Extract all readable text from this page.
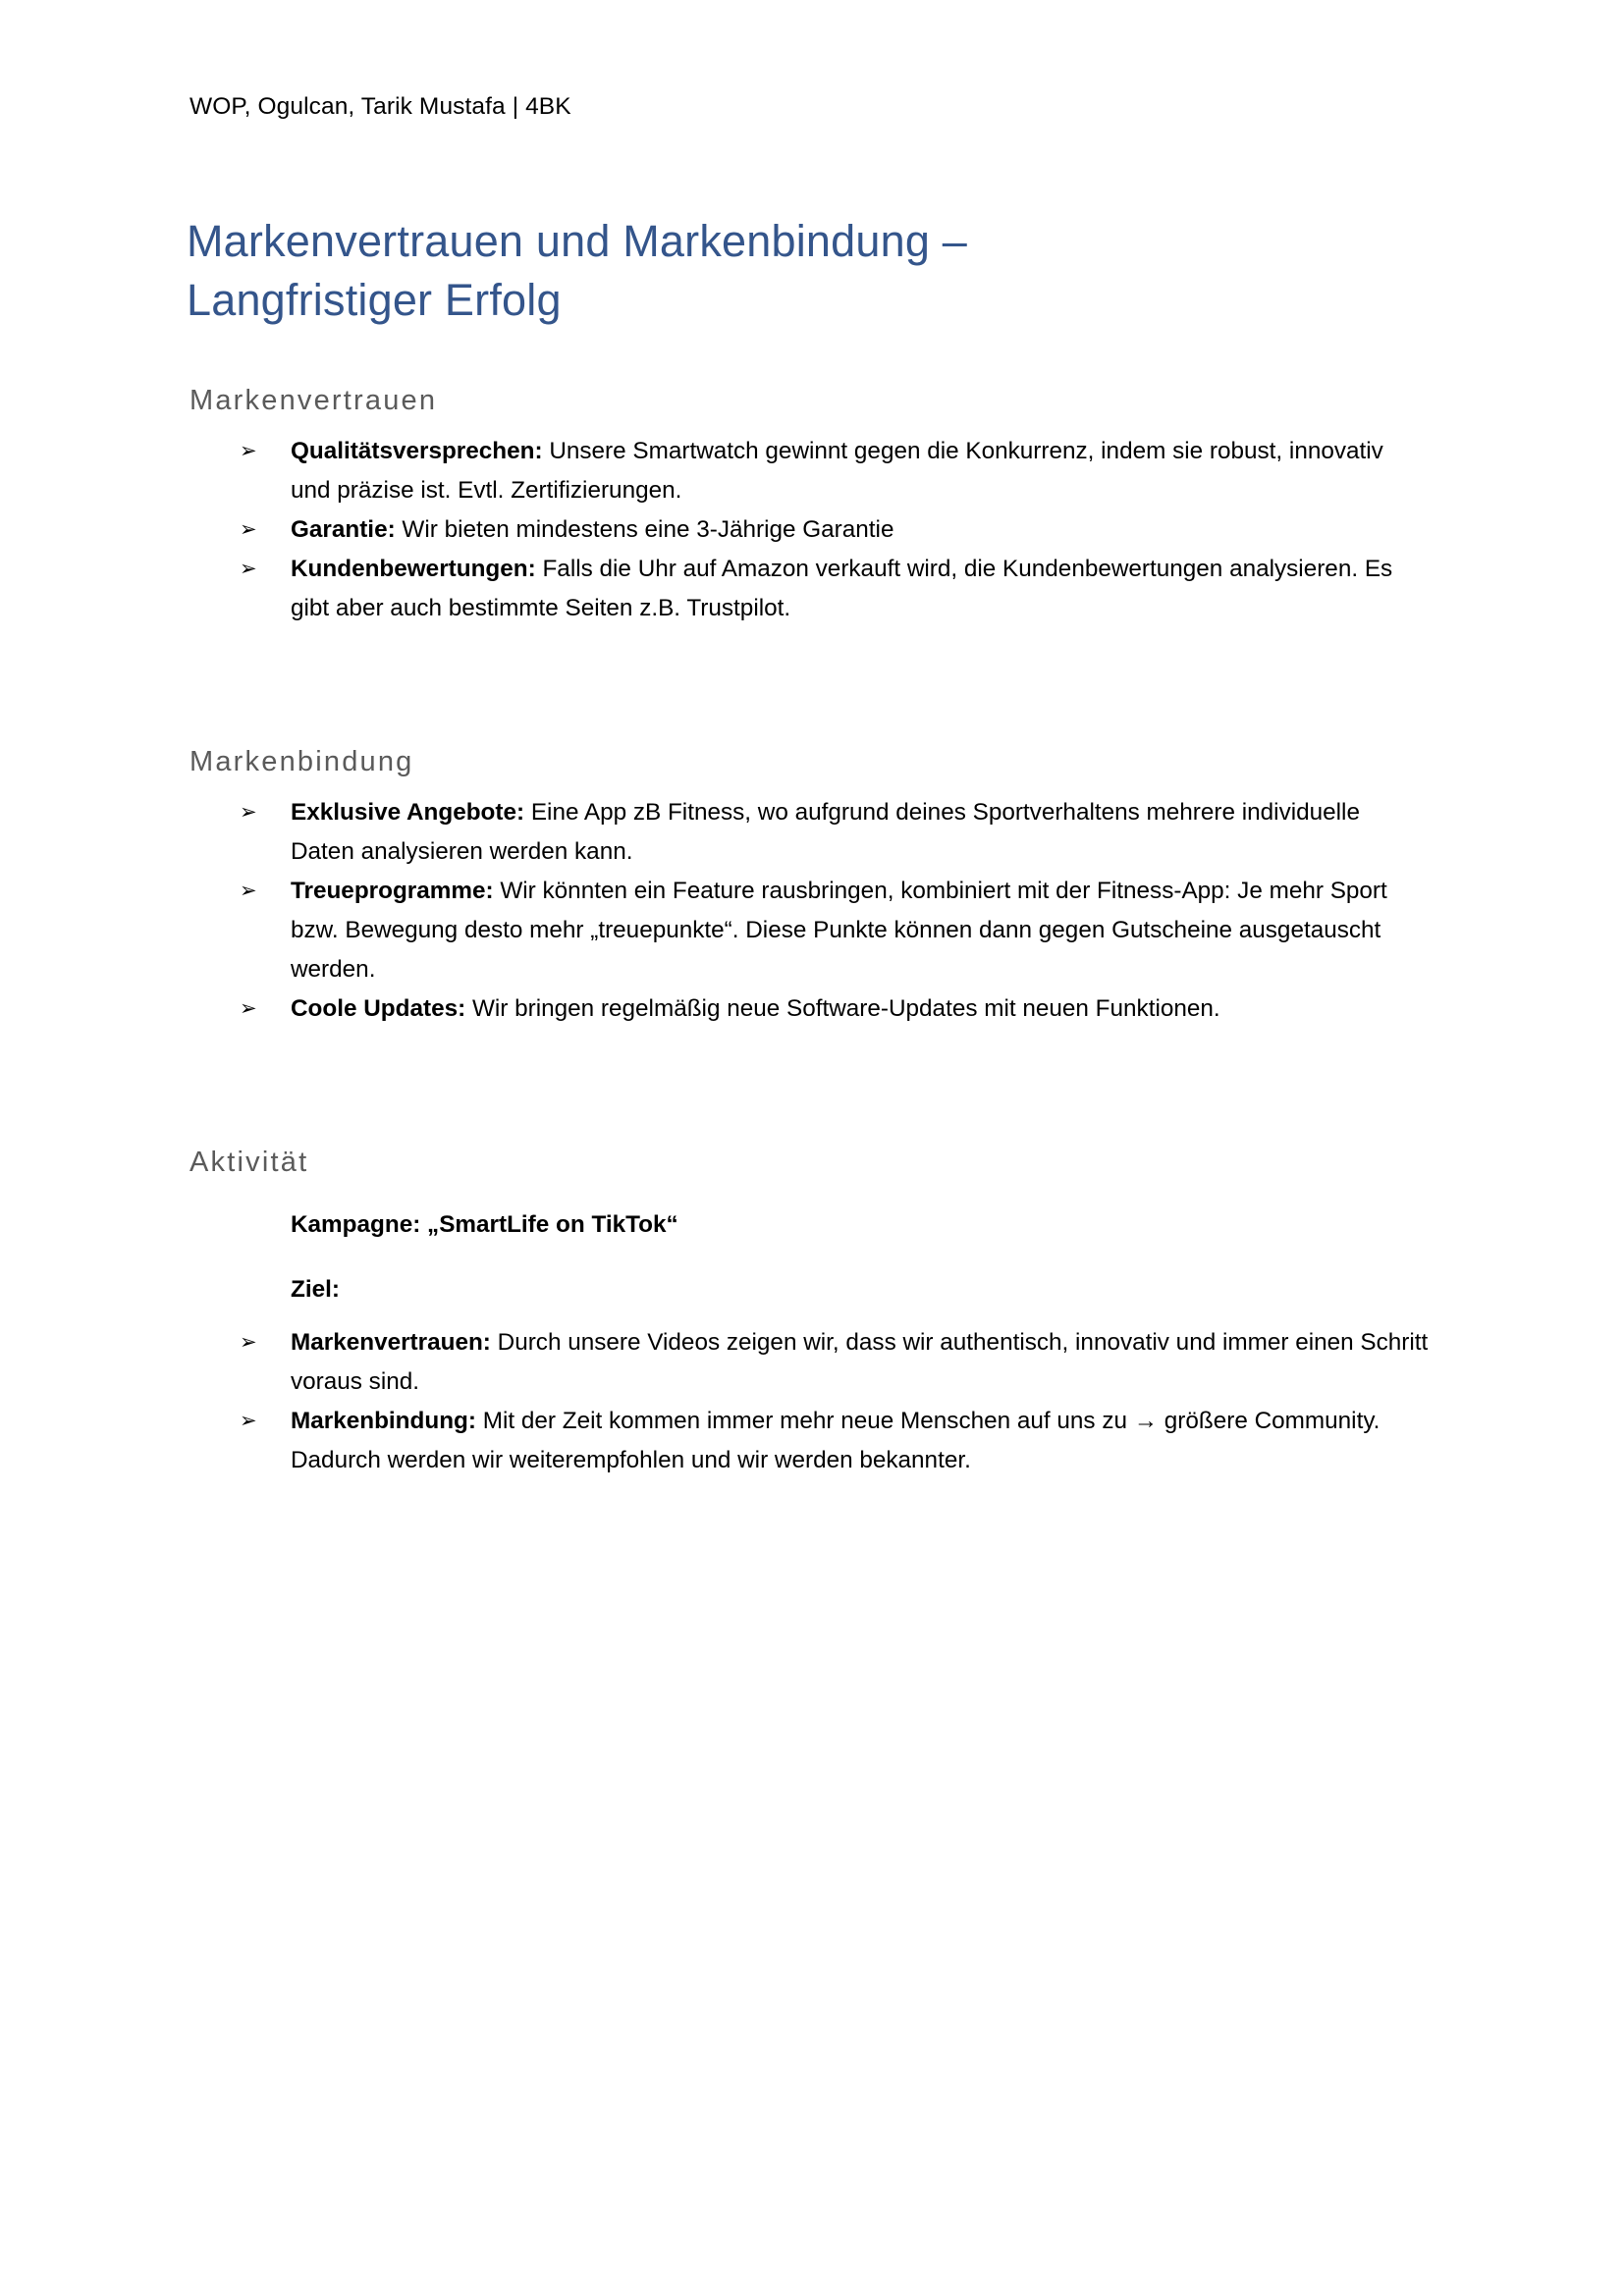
WOP, Ogulcan, Tarik Mustafa | 4BK
Markenvertrauen und Markenbindung – Langfristiger Erfolg
Markenvertrauen
➢ Qualitätsversprechen: Unsere Smartwatch gewinnt gegen die Konkurrenz, indem sie robust, innovativ und präzise ist. Evtl. Zertifizierungen.
➢ Garantie: Wir bieten mindestens eine 3-Jährige Garantie
➢ Kundenbewertungen: Falls die Uhr auf Amazon verkauft wird, die Kundenbewertungen analysieren. Es gibt aber auch bestimmte Seiten z.B. Trustpilot.
Markenbindung
➢ Exklusive Angebote: Eine App zB Fitness, wo aufgrund deines Sportverhaltens mehrere individuelle Daten analysieren werden kann.
➢ Treueprogramme: Wir könnten ein Feature rausbringen, kombiniert mit der Fitness-App: Je mehr Sport bzw. Bewegung desto mehr „treuepunkte“. Diese Punkte können dann gegen Gutscheine ausgetauscht werden.
➢ Coole Updates: Wir bringen regelmäßig neue Software-Updates mit neuen Funktionen.
Aktivität
Kampagne: „SmartLife on TikTok“
Ziel:
➢ Markenvertrauen: Durch unsere Videos zeigen wir, dass wir authentisch, innovativ und immer einen Schritt voraus sind.
➢ Markenbindung: Mit der Zeit kommen immer mehr neue Menschen auf uns zu → größere Community. Dadurch werden wir weiterempfohlen und wir werden bekannter.
